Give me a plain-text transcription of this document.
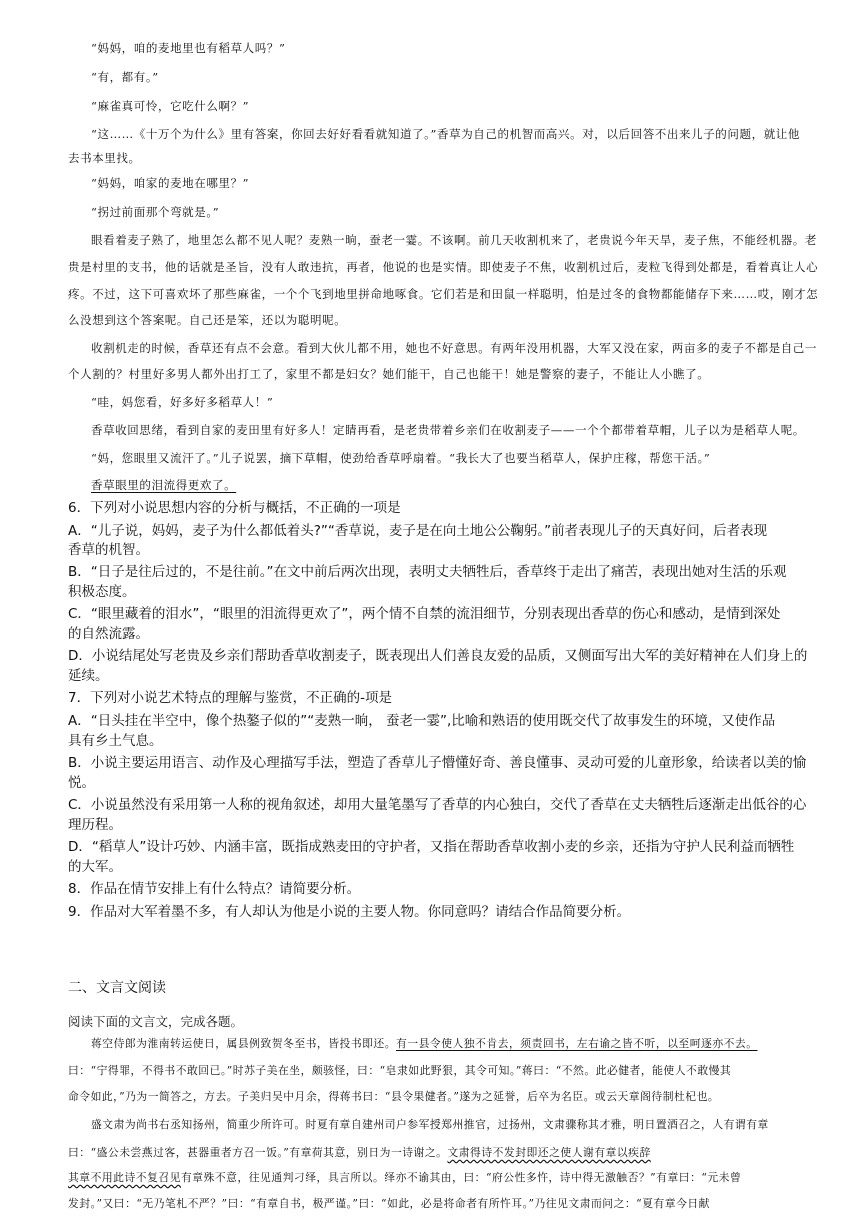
“妈妈，咱的麦地里也有稻草人吗？”
“有，都有。”
“麻雀真可怜，它吃什么啊？”
“这……《十万个为什么》里有答案，你回去好好看看就知道了。”香草为自己的机智而高兴。对，以后回答不出来儿子的问题，就让他
去书本里找。
“妈妈，咱家的麦地在哪里？”
“拐过前面那个弯就是。”
眼看着麦子熟了，地里怎么都不见人呢？麦熟一晌，蚕老一霎。不该啊。前几天收割机来了，老贵说今年天旱，麦子焦，不能经机器。老
贵是村里的支书，他的话就是圣旨，没有人敢违抗，再者，他说的也是实情。即使麦子不焦，收割机过后，麦粒飞得到处都是，看着真让人心
疼。不过，这下可喜欢坏了那些麻雀，一个个飞到地里拼命地啄食。它们若是和田鼠一样聪明，怕是过冬的食物都能储存下来……哎，刚才怎
么没想到这个答案呢。自己还是笨，还以为聪明呢。
收割机走的时候，香草还有点不会意。看到大伙儿都不用，她也不好意思。有两年没用机器，大军又没在家，两亩多的麦子不都是自己一
个人割的？村里好多男人都外出打工了，家里不都是妇女？她们能干，自己也能干！她是警察的妻子，不能让人小瞧了。
“哇，妈您看，好多好多稻草人！”
香草收回思绪，看到自家的麦田里有好多人！定睛再看，是老贵带着乡亲们在收割麦子——一个个都带着草帽，儿子以为是稻草人呢。
“妈，您眼里又流汗了。”儿子说罢，摘下草帽，使劲给香草呼扇着。“我长大了也要当稻草人，保护庄稼，帮您干活。”
香草眼里的泪流得更欢了。
6．下列对小说思想内容的分析与概括，不正确的一项是
A．“儿子说，妈妈，麦子为什么都低着头?”“香草说，麦子是在向土地公公鞠躬。”前者表现儿子的天真好问，后者表现
香草的机智。
B．“日子是往后过的，不是往前。”在文中前后两次出现，表明丈夫牺牲后，香草终于走出了痛苦，表现出她对生活的乐观
积极态度。
C．“眼里藏着的泪水”，“眼里的泪流得更欢了”，两个情不自禁的流泪细节，分别表现出香草的伤心和感动，是情到深处
的自然流露。
D．小说结尾处写老贵及乡亲们帮助香草收割麦子，既表现出人们善良友爱的品质，又侧面写出大军的美好精神在人们身上的
延续。
7．下列对小说艺术特点的理解与鉴赏，不正确的-项是
A．“日头挂在半空中，像个热鏊子似的”“麦熟一晌， 蚕老一霎”,比喻和熟语的使用既交代了故事发生的环境，又使作品
具有乡土气息。
B．小说主要运用语言、动作及心理描写手法，塑造了香草儿子懵懂好奇、善良懂事、灵动可爱的儿童形象，给读者以美的愉
悦。
C．小说虽然没有采用第一人称的视角叙述，却用大量笔墨写了香草的内心独白，交代了香草在丈夫牺牲后逐渐走出低谷的心
理历程。
D．“稻草人”设计巧妙、内涵丰富，既指成熟麦田的守护者，又指在帮助香草收割小麦的乡亲，还指为守护人民利益而牺牲
的大军。
8．作品在情节安排上有什么特点？请简要分析。
9．作品对大军着墨不多，有人却认为他是小说的主要人物。你同意吗？请结合作品简要分析。
二、文言文阅读
阅读下面的文言文，完成各题。
蒋空侍郎为淮南转运使日，属县例致贺冬至书，皆投书即还。有一县令使人独不肯去，须责回书，左右谕之皆不听，以至呵逐亦不去。
曰：“宁得罪，不得书不敢回已。”时苏子美在坐，颇骇怪，曰：“皂隶如此野狠，其令可知。”蒋曰：“不然。此必健者，能使人不敢慢其
命令如此，”乃为一简答之，方去。子美归吴中月余，得蒋书曰：“县令果健者。”遂为之延誉，后卒为名臣。或云天章阁待制杜杞也。
盛文肃为尚书右丞知扬州，简重少所许可。时夏有章自建州司户参军授郑州推官，过扬州，文肃骤称其才雅，明日置酒召之，人有谓有章
曰：“盛公未尝燕过客，甚器重者方召一饭。”有章荷其意，别日为一诗谢之。文肃得诗不发封即还之使人谢有章以疾辞
其章不用此诗不复召见有章殊不意，往见通判刁绎，具言所以。绎亦不谕其由，曰：“府公性多忤，诗中得无激触否？”有章曰：“元未曾
发封。”又曰：“无乃笔札不严？”曰：“有章自书，极严谨。”曰：“如此，必是将命者有所忤耳。”乃往见文肃而问之：“夏有章今日献
